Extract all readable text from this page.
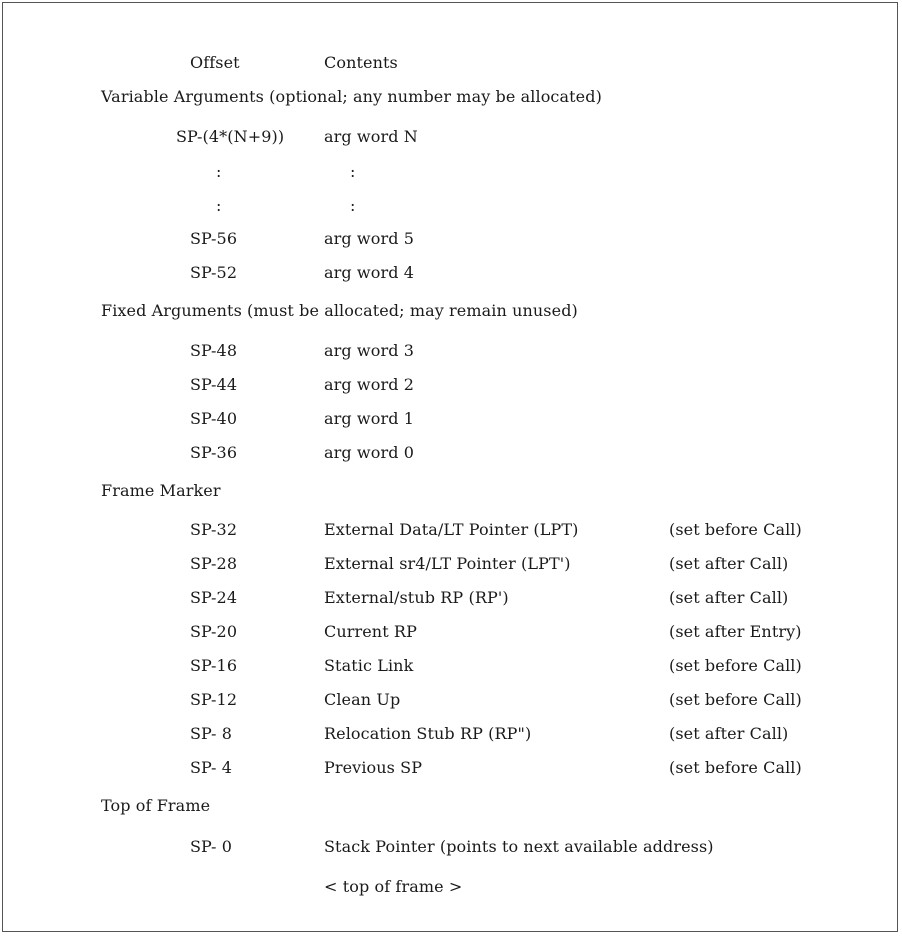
Offset	Contents
Variable Arguments (optional; any number may be allocated)
SP-(4*(N+9)) arg word N
:	:
:	:
SP-56	arg word 5
SP-52	arg word 4
Fixed Arguments (must be allocated; may remain unused)
SP-48	arg word 3
SP-44	arg word 2
SP-40	arg word 1
SP-36	arg word 0
Frame Marker
SP-32	External Data/LT Pointer (LPT)	(set before Call)
SP-28	External sr4/LT Pointer (LPT')	(set after Call)
SP-24	External/stub RP (RP')	(set after Call)
SP-20	Current RP	(set after Entry)
SP-16	Static Link	(set before Call)
SP-12	Clean Up	(set before Call)
SP- 8	Relocation Stub RP (RP")	(set after Call)
SP- 4	Previous SP	(set before Call)
Top of Frame
SP- 0	Stack Pointer (points to next available address)
< top of frame >
